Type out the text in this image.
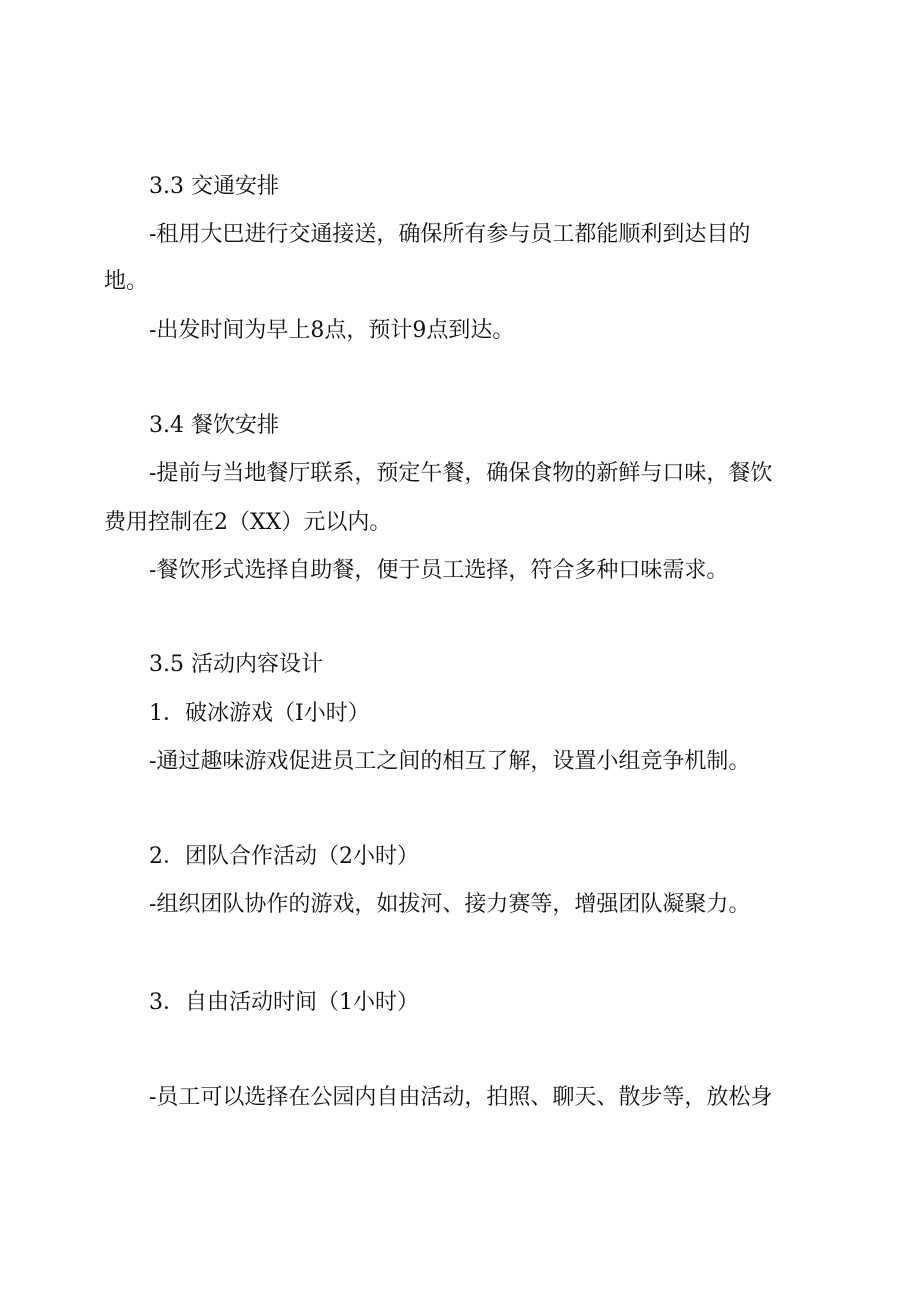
3.3 交通安排

-租用大巴进行交通接送，确保所有参与员工都能顺利到达目的

地。

-出发时间为早上8点，预计9点到达。

3.4 餐饮安排

-提前与当地餐厅联系，预定午餐，确保食物的新鲜与口味，餐饮

费用控制在2（XX）元以内。

-餐饮形式选择自助餐，便于员工选择，符合多种口味需求。

3.5 活动内容设计

1．破冰游戏（I小时）

-通过趣味游戏促进员工之间的相互了解，设置小组竞争机制。

2．团队合作活动（2小时）

-组织团队协作的游戏，如拔河、接力赛等，增强团队凝聚力。

3．自由活动时间（1小时）

-员工可以选择在公园内自由活动，拍照、聊天、散步等，放松身
